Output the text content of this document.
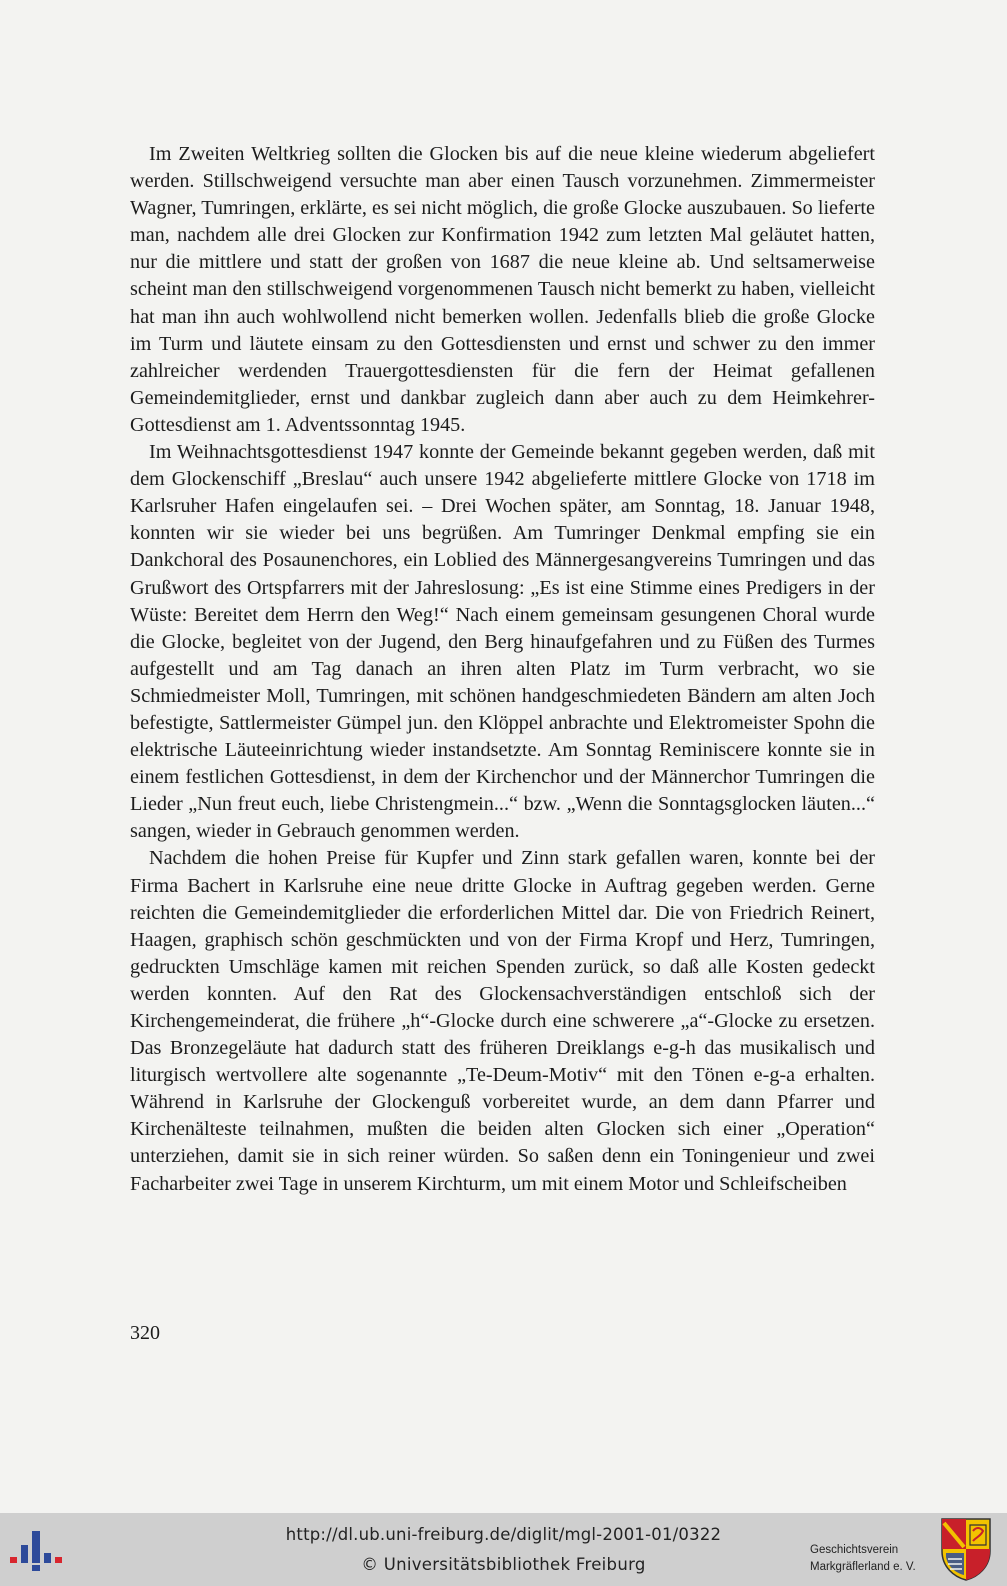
Im Zweiten Weltkrieg sollten die Glocken bis auf die neue kleine wiederum abgeliefert werden. Stillschweigend versuchte man aber einen Tausch vorzunehmen. Zimmermeister Wagner, Tumringen, erklärte, es sei nicht möglich, die große Glocke auszubauen. So lieferte man, nachdem alle drei Glocken zur Konfirmation 1942 zum letzten Mal geläutet hatten, nur die mittlere und statt der großen von 1687 die neue kleine ab. Und seltsamerweise scheint man den stillschweigend vorgenommenen Tausch nicht bemerkt zu haben, vielleicht hat man ihn auch wohlwollend nicht bemerken wollen. Jedenfalls blieb die große Glocke im Turm und läutete einsam zu den Gottesdiensten und ernst und schwer zu den immer zahlreicher werdenden Trauergottesdiensten für die fern der Heimat gefallenen Gemeindemitglieder, ernst und dankbar zugleich dann aber auch zu dem Heimkehrer-Gottesdienst am 1. Adventssonntag 1945.

Im Weihnachtsgottesdienst 1947 konnte der Gemeinde bekannt gegeben werden, daß mit dem Glockenschiff „Breslau“ auch unsere 1942 abgelieferte mittlere Glocke von 1718 im Karlsruher Hafen eingelaufen sei. – Drei Wochen später, am Sonntag, 18. Januar 1948, konnten wir sie wieder bei uns begrüßen. Am Tumringer Denkmal empfing sie ein Dankchoral des Posaunenchores, ein Loblied des Männergesangvereins Tumringen und das Grußwort des Ortspfarrers mit der Jahreslosung: „Es ist eine Stimme eines Predigers in der Wüste: Bereitet dem Herrn den Weg!“ Nach einem gemeinsam gesungenen Choral wurde die Glocke, begleitet von der Jugend, den Berg hinaufgefahren und zu Füßen des Turmes aufgestellt und am Tag danach an ihren alten Platz im Turm verbracht, wo sie Schmiedmeister Moll, Tumringen, mit schönen handgeschmiedeten Bändern am alten Joch befestigte, Sattlermeister Gümpel jun. den Klöppel anbrachte und Elektromeister Spohn die elektrische Läuteeinrichtung wieder instandsetzte. Am Sonntag Reminiscere konnte sie in einem festlichen Gottesdienst, in dem der Kirchenchor und der Männerchor Tumringen die Lieder „Nun freut euch, liebe Christengmein...“ bzw. „Wenn die Sonntagsglocken läuten...“ sangen, wieder in Gebrauch genommen werden.

Nachdem die hohen Preise für Kupfer und Zinn stark gefallen waren, konnte bei der Firma Bachert in Karlsruhe eine neue dritte Glocke in Auftrag gegeben werden. Gerne reichten die Gemeindemitglieder die erforderlichen Mittel dar. Die von Friedrich Reinert, Haagen, graphisch schön geschmückten und von der Firma Kropf und Herz, Tumringen, gedruckten Umschläge kamen mit reichen Spenden zurück, so daß alle Kosten gedeckt werden konnten. Auf den Rat des Glockensachverständigen entschloß sich der Kirchengemeinderat, die frühere „h“-Glocke durch eine schwerere „a“-Glocke zu ersetzen. Das Bronzegeläute hat dadurch statt des früheren Dreiklangs e-g-h das musikalisch und liturgisch wertvollere alte sogenannte „Te-Deum-Motiv“ mit den Tönen e-g-a erhalten. Während in Karlsruhe der Glockenguß vorbereitet wurde, an dem dann Pfarrer und Kirchenälteste teilnahmen, mußten die beiden alten Glocken sich einer „Operation“ unterziehen, damit sie in sich reiner würden. So saßen denn ein Toningenieur und zwei Facharbeiter zwei Tage in unserem Kirchturm, um mit einem Motor und Schleifscheiben

320
http://dl.ub.uni-freiburg.de/diglit/mgl-2001-01/0322
© Universitätsbibliothek Freiburg
Geschichtsverein
Markgräflerland e. V.
